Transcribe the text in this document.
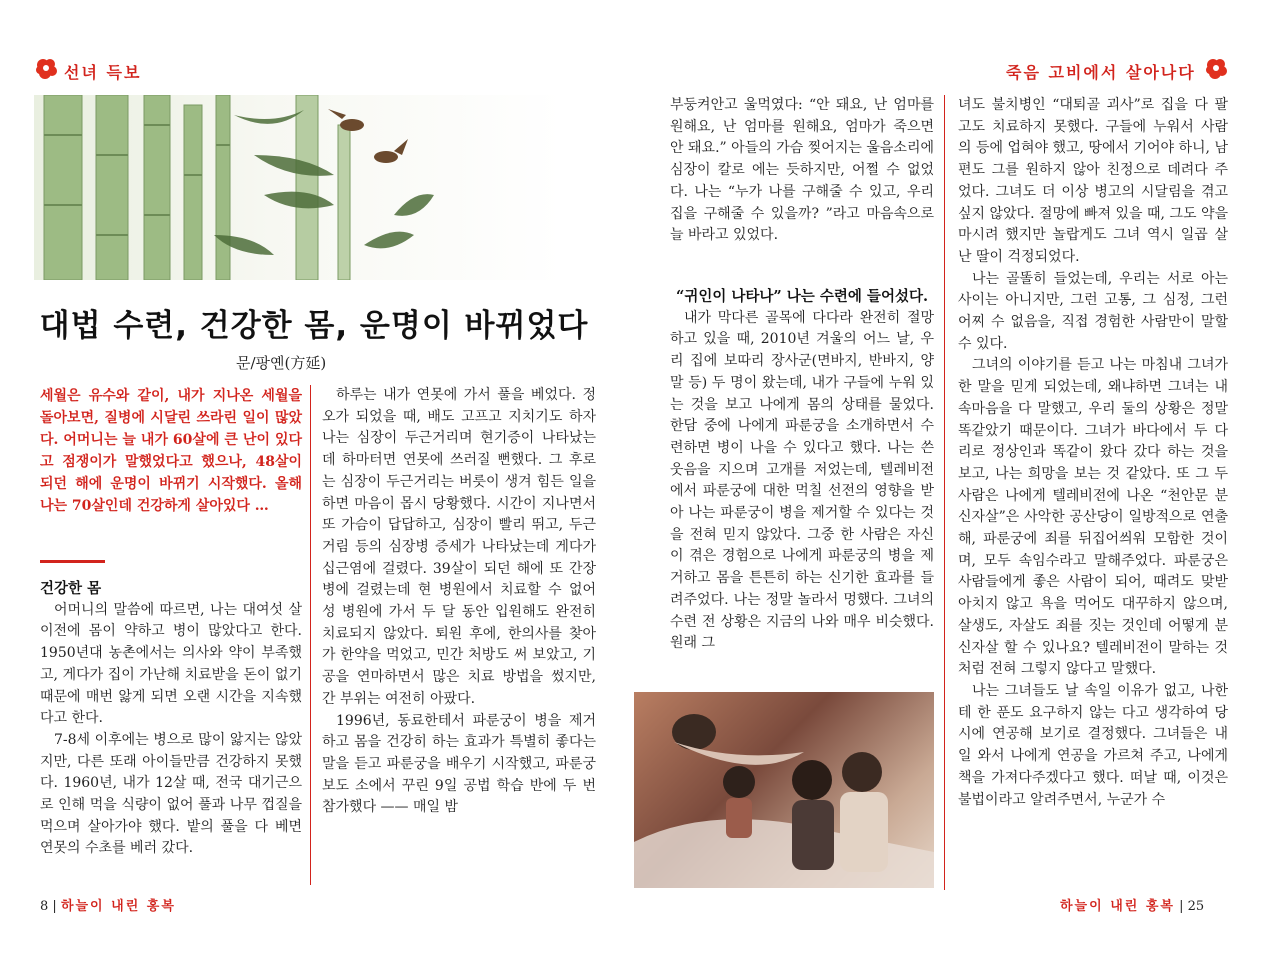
선녀 득보	죽음 고비에서 살아나다
대법 수련, 건강한 몸, 운명이 바뀌었다
문/팡옌(方延)
세월은 유수와 같이, 내가 지나온 세월을 돌아보면, 질병에 시달린 쓰라린 일이 많았다. 어머니는 늘 내가 60살에 큰 난이 있다고 점쟁이가 말했었다고 했으나, 48살이 되던 해에 운명이 바뀌기 시작했다. 올해 나는 70살인데 건강하게 살아있다 …

건강한 몸

어머니의 말씀에 따르면, 나는 대여섯 살 이전에 몸이 약하고 병이 많았다고 한다. 1950년대 농촌에서는 의사와 약이 부족했고, 게다가 집이 가난해 치료받을 돈이 없기 때문에 매번 앓게 되면 오랜 시간을 지속했다고 한다.

7-8세 이후에는 병으로 많이 앓지는 않았지만, 다른 또래 아이들만큼 건강하지 못했다. 1960년, 내가 12살 때, 전국 대기근으로 인해 먹을 식량이 없어 풀과 나무 껍질을 먹으며 살아가야 했다. 밭의 풀을 다 베면 연못의 수초를 베러 갔다.

하루는 내가 연못에 가서 풀을 베었다. 정오가 되었을 때, 배도 고프고 지치기도 하자 나는 심장이 두근거리며 현기증이 나타났는데 하마터면 연못에 쓰러질 뻔했다. 그 후로는 심장이 두근거리는 버릇이 생겨 힘든 일을 하면 마음이 몹시 당황했다. 시간이 지나면서 또 가슴이 답답하고, 심장이 빨리 뛰고, 두근거림 등의 심장병 증세가 나타났는데 게다가 십근염에 걸렸다. 39살이 되던 해에 또 간장병에 걸렸는데 현 병원에서 치료할 수 없어 성 병원에 가서 두 달 동안 입원해도 완전히 치료되지 않았다. 퇴원 후에, 한의사를 찾아가 한약을 먹었고, 민간 처방도 써 보았고, 기공을 연마하면서 많은 치료 방법을 썼지만, 간 부위는 여전히 아팠다.

1996년, 동료한테서 파룬궁이 병을 제거하고 몸을 건강히 하는 효과가 특별히 좋다는 말을 듣고 파룬궁을 배우기 시작했고, 파룬궁 보도 소에서 꾸린 9일 공법 학습 반에 두 번 참가했다 —— 매일 밤

8 | 하늘이 내린 홍복

부둥켜안고 울먹였다: “안 돼요, 난 엄마를 원해요, 난 엄마를 원해요, 엄마가 죽으면 안 돼요.” 아들의 가슴 찢어지는 울음소리에 심장이 칼로 에는 듯하지만, 어쩔 수 없었다. 나는 “누가 나를 구해줄 수 있고, 우리 집을 구해줄 수 있을까? ”라고 마음속으로 늘 바라고 있었다.

“귀인이 나타나” 나는 수련에 들어섰다.

내가 막다른 골목에 다다라 완전히 절망하고 있을 때, 2010년 겨울의 어느 날, 우리 집에 보따리 장사군(면바지, 반바지, 양말 등) 두 명이 왔는데, 내가 구들에 누워 있는 것을 보고 나에게 몸의 상태를 물었다. 한담 중에 나에게 파룬궁을 소개하면서 수련하면 병이 나을 수 있다고 했다. 나는 쓴웃음을 지으며 고개를 저었는데, 텔레비전에서 파룬궁에 대한 먹칠 선전의 영향을 받아 나는 파룬궁이 병을 제거할 수 있다는 것을 전혀 믿지 않았다. 그중 한 사람은 자신이 겪은 경험으로 나에게 파룬궁의 병을 제거하고 몸을 튼튼히 하는 신기한 효과를 들려주었다. 나는 정말 놀라서 멍했다. 그녀의 수련 전 상황은 지금의 나와 매우 비슷했다. 원래 그

녀도 불치병인 “대퇴골 괴사”로 집을 다 팔고도 치료하지 못했다. 구들에 누워서 사람의 등에 업혀야 했고, 땅에서 기어야 하니, 남편도 그를 원하지 않아 친정으로 데려다 주었다. 그녀도 더 이상 병고의 시달림을 겪고 싶지 않았다. 절망에 빠져 있을 때, 그도 약을 마시려 했지만 놀랍게도 그녀 역시 일곱 살 난 딸이 걱정되었다.

나는 골똘히 들었는데, 우리는 서로 아는 사이는 아니지만, 그런 고통, 그 심정, 그런 어찌 수 없음을, 직접 경험한 사람만이 말할 수 있다.

그녀의 이야기를 듣고 나는 마침내 그녀가 한 말을 믿게 되었는데, 왜냐하면 그녀는 내 속마음을 다 말했고, 우리 둘의 상황은 정말 똑같았기 때문이다. 그녀가 바다에서 두 다리로 정상인과 똑같이 왔다 갔다 하는 것을 보고, 나는 희망을 보는 것 같았다. 또 그 두 사람은 나에게 텔레비전에 나온 “천안문 분신자살”은 사악한 공산당이 일방적으로 연출해, 파룬궁에 죄를 뒤집어씌워 모함한 것이며, 모두 속임수라고 말해주었다. 파룬궁은 사람들에게 좋은 사람이 되어, 때려도 맞받아치지 않고 욕을 먹어도 대꾸하지 않으며, 살생도, 자살도 죄를 짓는 것인데 어떻게 분신자살 할 수 있나요? 텔레비전이 말하는 것처럼 전혀 그렇지 않다고 말했다.

나는 그녀들도 날 속일 이유가 없고, 나한테 한 푼도 요구하지 않는 다고 생각하여 당시에 연공해 보기로 결정했다. 그녀들은 내일 와서 나에게 연공을 가르쳐 주고, 나에게 책을 가져다주겠다고 했다. 떠날 때, 이것은 불법이라고 알려주면서, 누군가 수

하늘이 내린 홍복 | 25
